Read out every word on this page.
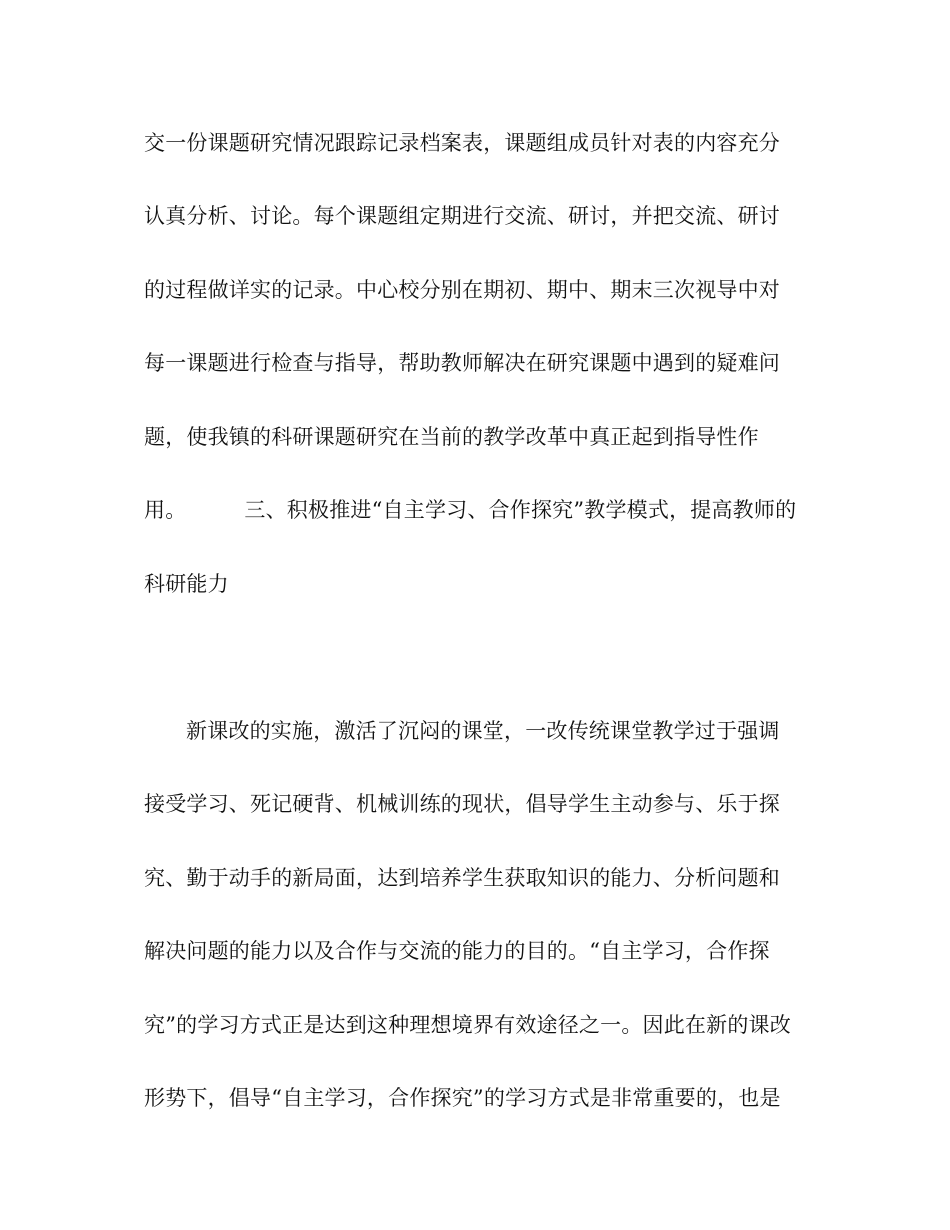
交一份课题研究情况跟踪记录档案表，课题组成员针对表的内容充分
认真分析、讨论。每个课题组定期进行交流、研讨，并把交流、研讨
的过程做详实的记录。中心校分别在期初、期中、期末三次视导中对
每一课题进行检查与指导，帮助教师解决在研究课题中遇到的疑难问
题，使我镇的科研课题研究在当前的教学改革中真正起到指导性作
用。	三、积极推进“自主学习、合作探究”教学模式，提高教师的
科研能力
新课改的实施，激活了沉闷的课堂，一改传统课堂教学过于强调
接受学习、死记硬背、机械训练的现状，倡导学生主动参与、乐于探
究、勤于动手的新局面，达到培养学生获取知识的能力、分析问题和
解决问题的能力以及合作与交流的能力的目的。“自主学习，合作探
究”的学习方式正是达到这种理想境界有效途径之一。因此在新的课改
形势下，倡导“自主学习，合作探究”的学习方式是非常重要的，也是
